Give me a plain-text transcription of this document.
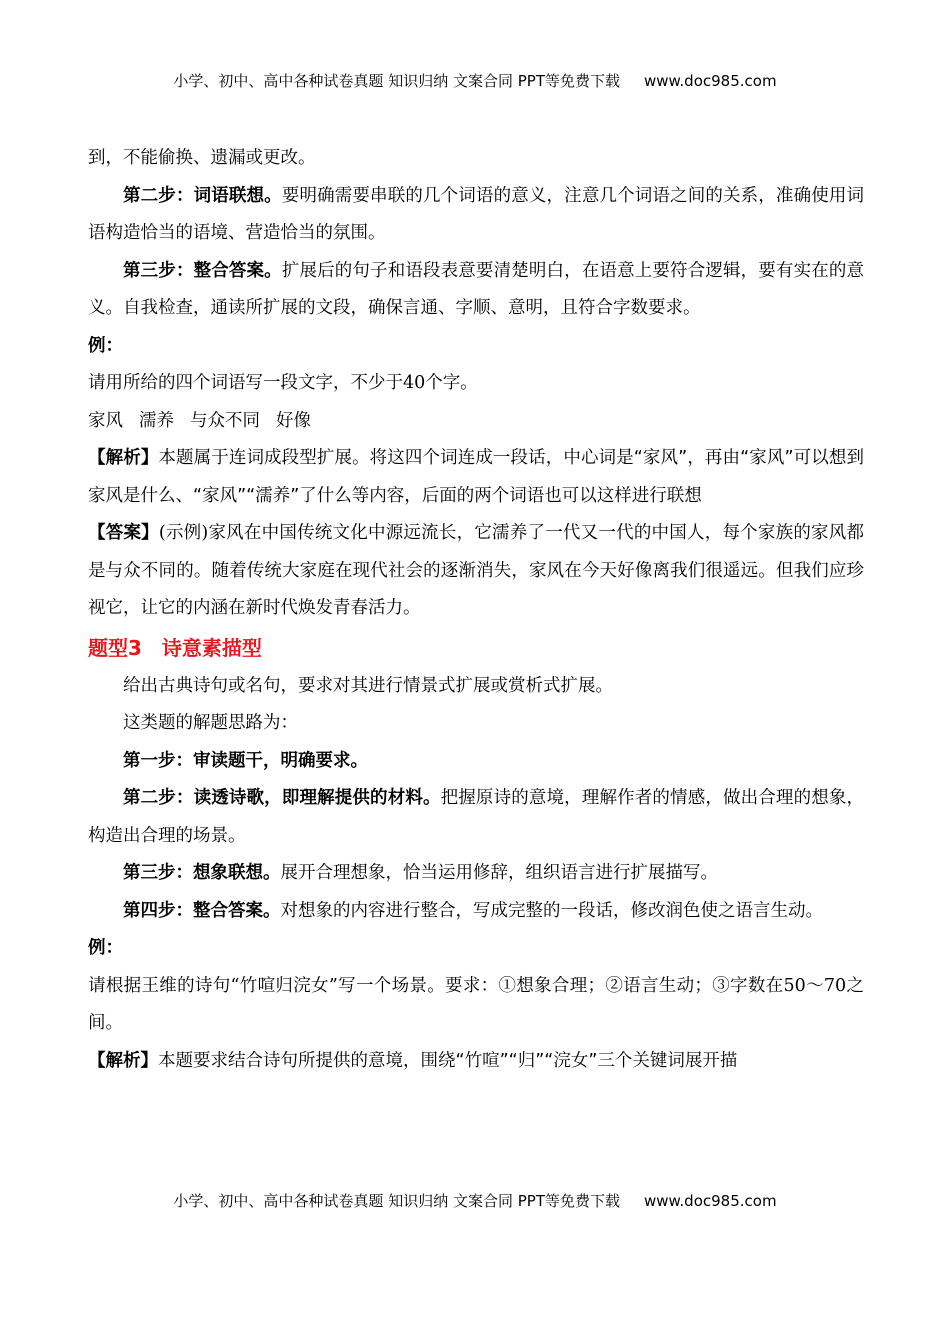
小学、初中、高中各种试卷真题 知识归纳 文案合同 PPT等免费下载 www.doc985.com

到，不能偷换、遗漏或更改。

第二步：词语联想。要明确需要串联的几个词语的意义，注意几个词语之间的关系，准确使用词语构造恰当的语境、营造恰当的氛围。

第三步：整合答案。扩展后的句子和语段表意要清楚明白，在语意上要符合逻辑，要有实在的意义。自我检查，通读所扩展的文段，确保言通、字顺、意明，且符合字数要求。

例：

请用所给的四个词语写一段文字，不少于40个字。

家风 濡养 与众不同 好像

【解析】本题属于连词成段型扩展。将这四个词连成一段话，中心词是“家风”，再由“家风”可以想到家风是什么、“家风”“濡养”了什么等内容，后面的两个词语也可以这样进行联想

【答案】(示例)家风在中国传统文化中源远流长，它濡养了一代又一代的中国人，每个家族的家风都是与众不同的。随着传统大家庭在现代社会的逐渐消失，家风在今天好像离我们很遥远。但我们应珍视它，让它的内涵在新时代焕发青春活力。

题型3　诗意素描型

给出古典诗句或名句，要求对其进行情景式扩展或赏析式扩展。

这类题的解题思路为：

第一步：审读题干，明确要求。

第二步：读透诗歌，即理解提供的材料。把握原诗的意境，理解作者的情感，做出合理的想象，构造出合理的场景。

第三步：想象联想。展开合理想象，恰当运用修辞，组织语言进行扩展描写。

第四步：整合答案。对想象的内容进行整合，写成完整的一段话，修改润色使之语言生动。

例：

请根据王维的诗句“竹喧归浣女”写一个场景。要求：①想象合理；②语言生动；③字数在50～70之间。

【解析】本题要求结合诗句所提供的意境，围绕“竹喧”“归”“浣女”三个关键词展开描

小学、初中、高中各种试卷真题 知识归纳 文案合同 PPT等免费下载 www.doc985.com
